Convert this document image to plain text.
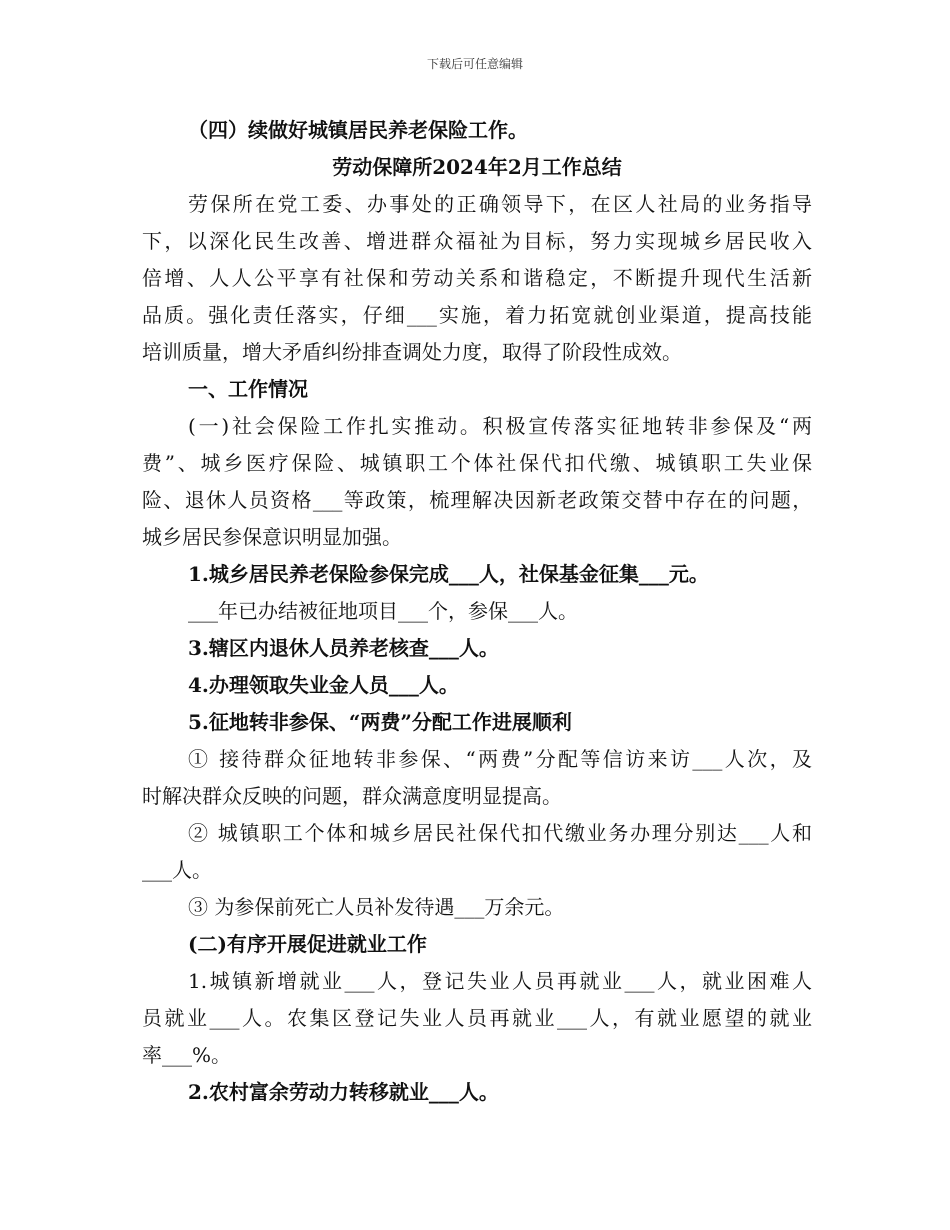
下载后可任意编辑
（四）续做好城镇居民养老保险工作。
劳动保障所2024年2月工作总结
劳保所在党工委、办事处的正确领导下，在区人社局的业务指导
下，以深化民生改善、增进群众福祉为目标，努力实现城乡居民收入
倍增、人人公平享有社保和劳动关系和谐稳定，不断提升现代生活新
品质。强化责任落实，仔细___实施，着力拓宽就创业渠道，提高技能
培训质量，增大矛盾纠纷排查调处力度，取得了阶段性成效。
一、工作情况
(一)社会保险工作扎实推动。积极宣传落实征地转非参保及“两
费”、城乡医疗保险、城镇职工个体社保代扣代缴、城镇职工失业保
险、退休人员资格___等政策，梳理解决因新老政策交替中存在的问题，
城乡居民参保意识明显加强。
1.城乡居民养老保险参保完成___人，社保基金征集___元。
___年已办结被征地项目___个，参保___人。
3.辖区内退休人员养老核查___人。
4.办理领取失业金人员___人。
5.征地转非参保、“两费”分配工作进展顺利
① 接待群众征地转非参保、“两费”分配等信访来访___人次，及
时解决群众反映的问题，群众满意度明显提高。
② 城镇职工个体和城乡居民社保代扣代缴业务办理分别达___人和
___人。
③ 为参保前死亡人员补发待遇___万余元。
(二)有序开展促进就业工作
1.城镇新增就业___人，登记失业人员再就业___人，就业困难人
员就业___人。农集区登记失业人员再就业___人，有就业愿望的就业
率___%。
2.农村富余劳动力转移就业___人。
